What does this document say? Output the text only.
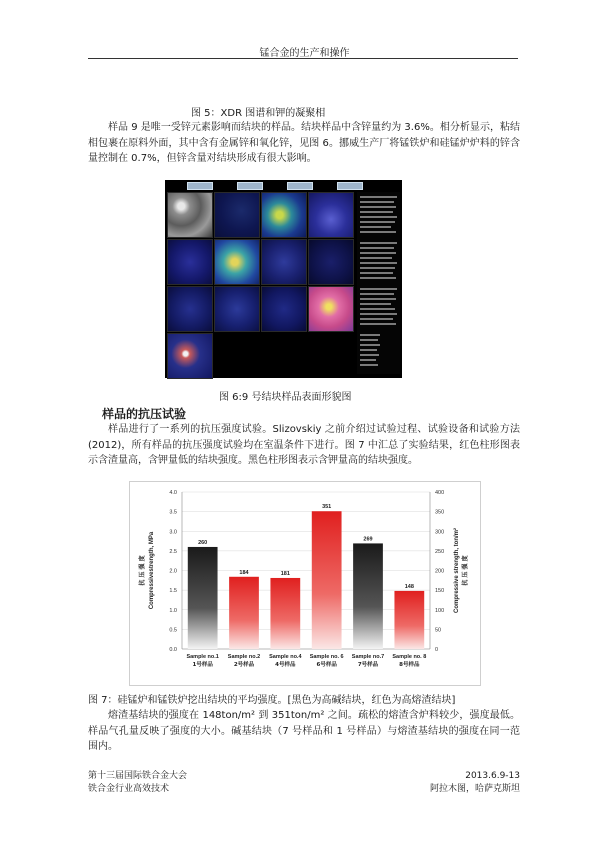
锰合金的生产和操作
图 5：XDR 图谱和钾的凝聚相
样品 9 是唯一受锌元素影响而结块的样品。结块样品中含锌量约为 3.6%。相分析显示，粘结相包裹在原料外面，其中含有金属锌和氧化锌，见图 6。挪威生产厂将锰铁炉和硅锰炉炉料的锌含量控制在 0.7%，但锌含量对结块形成有很大影响。
图 6:9 号结块样品表面形貌图
样品的抗压试验
样品进行了一系列的抗压强度试验。Slizovskiy 之前介绍过试验过程、试验设备和试验方法(2012)，所有样品的抗压强度试验均在室温条件下进行。图 7 中汇总了实验结果，红色柱形图表示含渣量高，含钾量低的结块强度。黑色柱形图表示含钾量高的结块强度。
0.0	0
0.5	50
1.0	100
1.5	150
2.0	200
2.5	250
3.0	300
3.5	350
4.0	400
260
Sample no.1
1号样品
184
Sample no.2
2号样品
181
Sample no.4
4号样品
351
Sample no. 6
6号样品
269
Sample no.7
7号样品
148
Sample no. 8
8号样品
抗 压 强 度 Compressivestrength, MPa	Compressive strength, ton/m² 抗 压 强 度
图 7：硅锰炉和锰铁炉挖出结块的平均强度。[黑色为高碱结块，红色为高熔渣结块]
熔渣基结块的强度在 148ton/m² 到 351ton/m² 之间。疏松的熔渣含炉料较少，强度最低。样品气孔量反映了强度的大小。碱基结块（7 号样品和 1 号样品）与熔渣基结块的强度在同一范围内。
第十三届国际铁合金大会
铁合金行业高效技术
2013.6.9-13
阿拉木图，哈萨克斯坦
